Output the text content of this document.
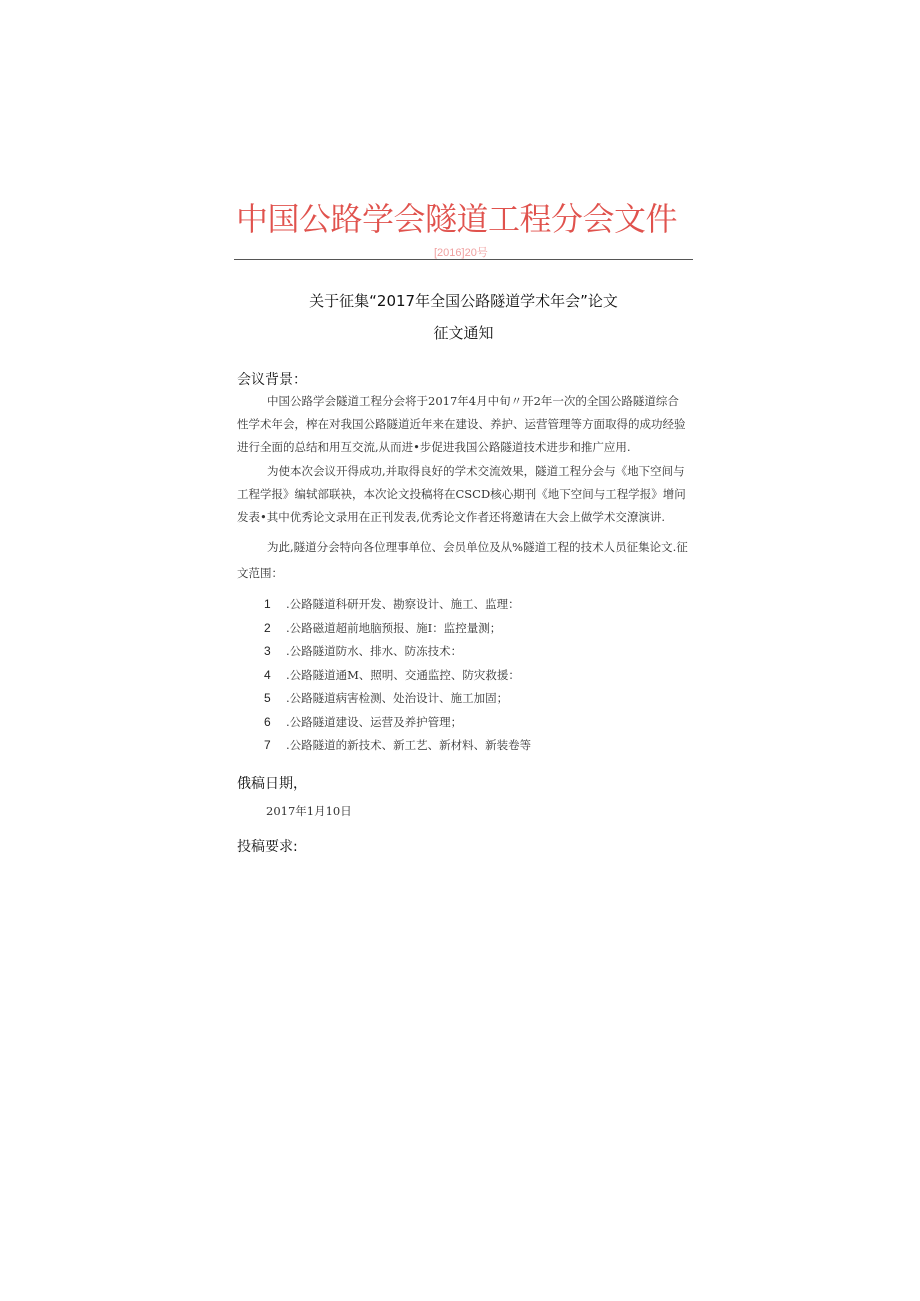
中国公路学会隧道工程分会文件
[2016]20号
关于征集“2017年全国公路隧道学术年会”论文
征文通知
会议背景：
中国公路学会隧道工程分会将于2017年4月中旬〃开2年一次的全国公路隧道综合
性学术年会，榨在对我国公路隧道近年来在建设、养护、运营管理等方面取得的成功经验
进行全面的总结和用互交流,从而进•步促进我国公路隧道技术进步和推广应用.
为使本次会议开得成功,并取得良好的学术交流效果，隧道工程分会与《地下空间与
工程学报》编轼部联袂，本次论文投稿将在CSCD核心期刊《地下空间与工程学报》增问
发表•其中优秀论文录用在正刊发表,优秀论文作者还将邀请在大会上做学术交潦演讲.
为此,隧道分会特向各位理事单位、会员单位及从%隧道工程的技术人员征集论文.征
文范围：
1 .公路隧道科研开发、勘察设计、施工、监理：
2 .公路磁道超前地脑预报、施I：监控量测；
3 .公路隧道防水、排水、防冻技术：
4 .公路隧道通M、照明、交通监控、防灾救援：
5 .公路隧道病害检测、处治设计、施工加固；
6 .公路隧道建设、运营及养护管理；
7 .公路隧道的新技术、新工艺、新材料、新装卷等
俄稿日期，
2017年1月10日
投稿要求:
